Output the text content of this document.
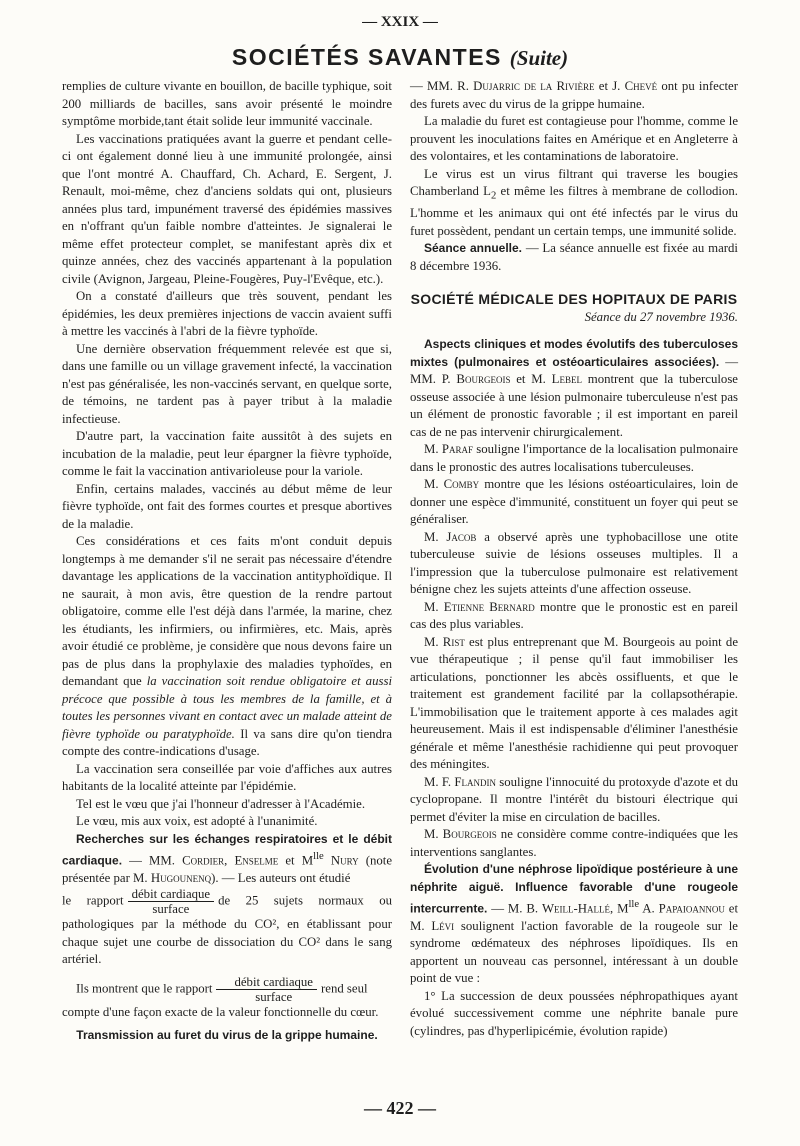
— XXIX —
SOCIÉTÉS SAVANTES (Suite)

remplies de culture vivante en bouillon, de bacille typhique, soit 200 milliards de bacilles, sans avoir présenté le moindre symptôme morbide,tant était solide leur immunité vaccinale.

Les vaccinations pratiquées avant la guerre et pendant celle-ci ont également donné lieu à une immunité prolongée, ainsi que l'ont montré A. Chauffard, Ch. Achard, E. Sergent, J. Renault, moi-même, chez d'anciens soldats qui ont, plusieurs années plus tard, impunément traversé des épidémies massives en n'offrant qu'un faible nombre d'atteintes. Je signalerai le même effet protecteur complet, se manifestant après dix et quinze années, chez des vaccinés appartenant à la population civile (Avignon, Jargeau, Pleine-Fougères, Puy-l'Evêque, etc.).

On a constaté d'ailleurs que très souvent, pendant les épidémies, les deux premières injections de vaccin avaient suffi à mettre les vaccinés à l'abri de la fièvre typhoïde.

Une dernière observation fréquemment relevée est que si, dans une famille ou un village gravement infecté, la vaccination n'est pas généralisée, les non-vaccinés servant, en quelque sorte, de témoins, ne tardent pas à payer tribut à la maladie infectieuse.

D'autre part, la vaccination faite aussitôt à des sujets en incubation de la maladie, peut leur épargner la fièvre typhoïde, comme le fait la vaccination antivarioleuse pour la variole.

Enfin, certains malades, vaccinés au début même de leur fièvre typhoïde, ont fait des formes courtes et presque abortives de la maladie.

Ces considérations et ces faits m'ont conduit depuis longtemps à me demander s'il ne serait pas nécessaire d'étendre davantage les applications de la vaccination antityphoïdique. Il ne saurait, à mon avis, être question de la rendre partout obligatoire, comme elle l'est déjà dans l'armée, la marine, chez les étudiants, les infirmiers, ou infirmières, etc. Mais, après avoir étudié ce problème, je considère que nous devons faire un pas de plus dans la prophylaxie des maladies typhoïdes, en demandant que la vaccination soit rendue obligatoire et aussi précoce que possible à tous les membres de la famille, et à toutes les personnes vivant en contact avec un malade atteint de fièvre typhoïde ou paratyphoïde. Il va sans dire qu'on tiendra compte des contre-indications d'usage.

La vaccination sera conseillée par voie d'affiches aux autres habitants de la localité atteinte par l'épidémie.

Tel est le vœu que j'ai l'honneur d'adresser à l'Académie.

Le vœu, mis aux voix, est adopté à l'unanimité.

Recherches sur les échanges respiratoires et le débit cardiaque. — MM. Cordier, Enselme et $M^{lle}$ Nury (note présentée par M. Hugounenq). — Les auteurs ont étudié

le rapport $\frac{\text{débit cardiaque}}{\text{surface}}$ de 25 sujets normaux ou pathologiques par la méthode du CO², en établissant pour chaque sujet une courbe de dissociation du CO² dans le sang artériel.

Ils montrent que le rapport $\frac{\text{débit cardiaque}}{\text{surface}}$ rend seul

compte d'une façon exacte de la valeur fonctionnelle du cœur.

Transmission au furet du virus de la grippe humaine.

— MM. R. Dujarric de la Rivière et J. Chevé ont pu infecter des furets avec du virus de la grippe humaine.

La maladie du furet est contagieuse pour l'homme, comme le prouvent les inoculations faites en Amérique et en Angleterre à des volontaires, et les contaminations de laboratoire.

Le virus est un virus filtrant qui traverse les bougies Chamberland $L_2$ et même les filtres à membrane de collodion. L'homme et les animaux qui ont été infectés par le virus du furet possèdent, pendant un certain temps, une immunité solide.

Séance annuelle. — La séance annuelle est fixée au mardi 8 décembre 1936.

SOCIÉTÉ MÉDICALE DES HOPITAUX DE PARIS
Séance du 27 novembre 1936.

Aspects cliniques et modes évolutifs des tuberculoses mixtes (pulmonaires et ostéoarticulaires associées). — MM. P. Bourgeois et M. Lebel montrent que la tuberculose osseuse associée à une lésion pulmonaire tuberculeuse n'est pas un élément de pronostic favorable ; il est important en pareil cas de ne pas intervenir chirurgicalement.

M. Paraf souligne l'importance de la localisation pulmonaire dans le pronostic des autres localisations tuberculeuses.

M. Comby montre que les lésions ostéoarticulaires, loin de donner une espèce d'immunité, constituent un foyer qui peut se généraliser.

M. Jacob a observé après une typhobacillose une otite tuberculeuse suivie de lésions osseuses multiples. Il a l'impression que la tuberculose pulmonaire est relativement bénigne chez les sujets atteints d'une affection osseuse.

M. Etienne Bernard montre que le pronostic est en pareil cas des plus variables.

M. Rist est plus entreprenant que M. Bourgeois au point de vue thérapeutique ; il pense qu'il faut immobiliser les articulations, ponctionner les abcès ossifluents, et que le traitement est grandement facilité par la collapsothérapie. L'immobilisation que le traitement apporte à ces malades agit heureusement. Mais il est indispensable d'éliminer l'anesthésie générale et même l'anesthésie rachidienne qui peut provoquer des méningites.

M. F. Flandin souligne l'innocuité du protoxyde d'azote et du cyclopropane. Il montre l'intérêt du bistouri électrique qui permet d'éviter la mise en circulation de bacilles.

M. Bourgeois ne considère comme contre-indiquées que les interventions sanglantes.

Évolution d'une néphrose lipoïdique postérieure à une néphrite aiguë. Influence favorable d'une rougeole intercurrente. — M. B. Weill-Hallé, $M^{lle}$ A. Papaioannou et M. Lévi soulignent l'action favorable de la rougeole sur le syndrome œdémateux des néphroses lipoïdiques. Ils en apportent un nouveau cas personnel, intéressant à un double point de vue :

1° La succession de deux poussées néphropathiques ayant évolué successivement comme une néphrite banale pure (cylindres, pas d'hyperlipicémie, évolution rapide)

— 422 —
